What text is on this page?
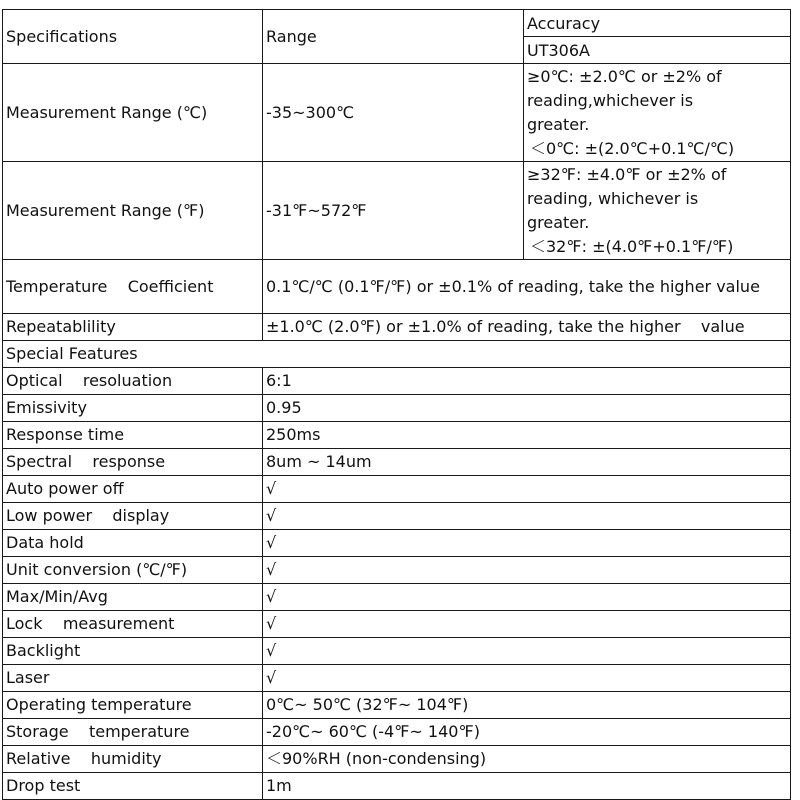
Specifications	Range	Accuracy
		UT306A
Measurement Range (℃)	-35~300℃	≥0℃: ±2.0℃ or ±2% of
reading,whichever is
greater.
＜0℃: ±(2.0℃+0.1℃/℃)

Measurement Range (℉)	-31℉~572℉	≥32℉: ±4.0℉ or ±2% of
reading, whichever is
greater.
＜32℉: ±(4.0℉+0.1℉/℉)

Temperature    Coefficient	0.1℃/℃ (0.1℉/℉) or ±0.1% of reading, take the higher value	
Repeatablility	±1.0℃ (2.0℉) or ±1.0% of reading, take the higher    value	
Special Features		
Optical    resoluation	6:1	
Emissivity	0.95	
Response time	250ms	
Spectral    response	8um ~ 14um	
Auto power off	√	
Low power    display	√	
Data hold	√	
Unit conversion (℃/℉)	√	
Max/Min/Avg	√	
Lock    measurement	√	
Backlight	√	
Laser	√	
Operating temperature	0℃~ 50℃ (32℉~ 104℉)	
Storage    temperature	-20℃~ 60℃ (-4℉~ 140℉)	
Relative    humidity	＜90%RH (non-condensing)	
Drop test	1m	
